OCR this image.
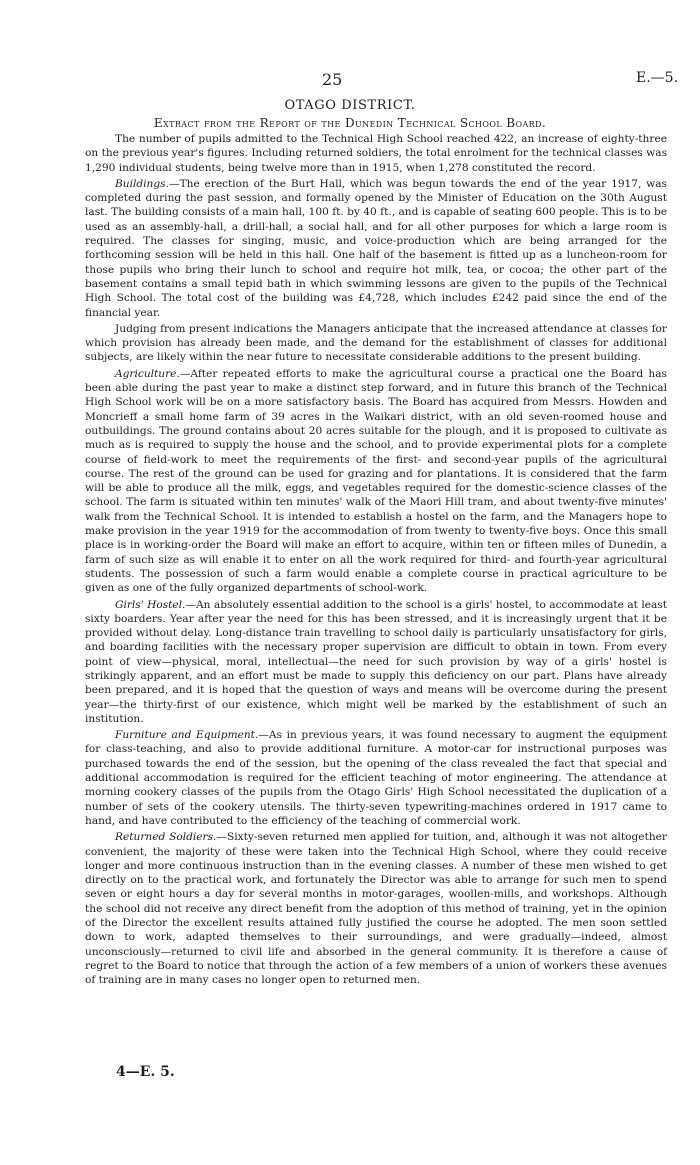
25	E.—5.
OTAGO DISTRICT.
Extract from the Report of the Dunedin Technical School Board.

The number of pupils admitted to the Technical High School reached 422, an increase of eighty-three on the previous year's figures. Including returned soldiers, the total enrolment for the technical classes was 1,290 individual students, being twelve more than in 1915, when 1,278 constituted the record.

Buildings.—The erection of the Burt Hall, which was begun towards the end of the year 1917, was completed during the past session, and formally opened by the Minister of Education on the 30th August last. The building consists of a main hall, 100 ft. by 40 ft., and is capable of seating 600 people. This is to be used as an assembly-hall, a drill-hall, a social hall, and for all other purposes for which a large room is required. The classes for singing, music, and voice-production which are being arranged for the forthcoming session will be held in this hall. One half of the basement is fitted up as a luncheon-room for those pupils who bring their lunch to school and require hot milk, tea, or cocoa; the other part of the basement contains a small tepid bath in which swimming lessons are given to the pupils of the Technical High School. The total cost of the building was £4,728, which includes £242 paid since the end of the financial year.

Judging from present indications the Managers anticipate that the increased attendance at classes for which provision has already been made, and the demand for the establishment of classes for additional subjects, are likely within the near future to necessitate considerable additions to the present building.

Agriculture.—After repeated efforts to make the agricultural course a practical one the Board has been able during the past year to make a distinct step forward, and in future this branch of the Technical High School work will be on a more satisfactory basis. The Board has acquired from Messrs. Howden and Moncrieff a small home farm of 39 acres in the Waikari district, with an old seven-roomed house and outbuildings. The ground contains about 20 acres suitable for the plough, and it is proposed to cultivate as much as is required to supply the house and the school, and to provide experimental plots for a complete course of field-work to meet the requirements of the first- and second-year pupils of the agricultural course. The rest of the ground can be used for grazing and for plantations. It is considered that the farm will be able to produce all the milk, eggs, and vegetables required for the domestic-science classes of the school. The farm is situated within ten minutes' walk of the Maori Hill tram, and about twenty-five minutes' walk from the Technical School. It is intended to establish a hostel on the farm, and the Managers hope to make provision in the year 1919 for the accommodation of from twenty to twenty-five boys. Once this small place is in working-order the Board will make an effort to acquire, within ten or fifteen miles of Dunedin, a farm of such size as will enable it to enter on all the work required for third- and fourth-year agricultural students. The possession of such a farm would enable a complete course in practical agriculture to be given as one of the fully organized departments of school-work.

Girls' Hostel.—An absolutely essential addition to the school is a girls' hostel, to accommodate at least sixty boarders. Year after year the need for this has been stressed, and it is increasingly urgent that it be provided without delay. Long-distance train travelling to school daily is particularly unsatisfactory for girls, and boarding facilities with the necessary proper supervision are difficult to obtain in town. From every point of view—physical, moral, intellectual—the need for such provision by way of a girls' hostel is strikingly apparent, and an effort must be made to supply this deficiency on our part. Plans have already been prepared, and it is hoped that the question of ways and means will be overcome during the present year—the thirty-first of our existence, which might well be marked by the establishment of such an institution.

Furniture and Equipment.—As in previous years, it was found necessary to augment the equipment for class-teaching, and also to provide additional furniture. A motor-car for instructional purposes was purchased towards the end of the session, but the opening of the class revealed the fact that special and additional accommodation is required for the efficient teaching of motor engineering. The attendance at morning cookery classes of the pupils from the Otago Girls' High School necessitated the duplication of a number of sets of the cookery utensils. The thirty-seven typewriting-machines ordered in 1917 came to hand, and have contributed to the efficiency of the teaching of commercial work.

Returned Soldiers.—Sixty-seven returned men applied for tuition, and, although it was not altogether convenient, the majority of these were taken into the Technical High School, where they could receive longer and more continuous instruction than in the evening classes. A number of these men wished to get directly on to the practical work, and fortunately the Director was able to arrange for such men to spend seven or eight hours a day for several months in motor-garages, woollen-mills, and workshops. Although the school did not receive any direct benefit from the adoption of this method of training, yet in the opinion of the Director the excellent results attained fully justified the course he adopted. The men soon settled down to work, adapted themselves to their surroundings, and were gradually—indeed, almost unconsciously—returned to civil life and absorbed in the general community. It is therefore a cause of regret to the Board to notice that through the action of a few members of a union of workers these avenues of training are in many cases no longer open to returned men.

4—E. 5.
